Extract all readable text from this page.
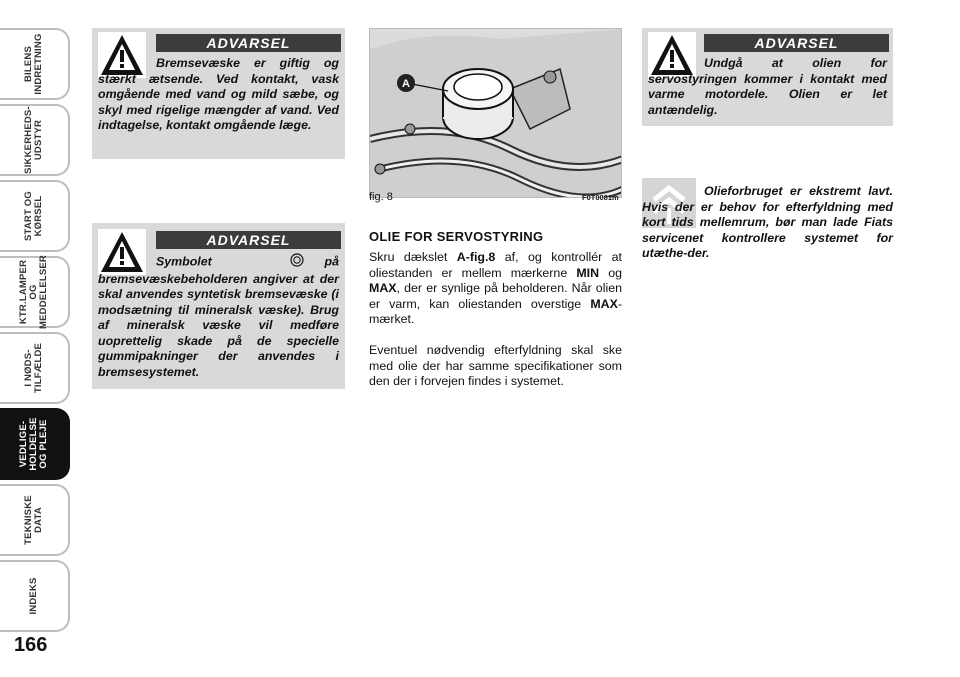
BILENS
INDRETNING
SIKKERHEDS-
UDSTYR
START OG
KØRSEL
KTR.LAMPER
OG
MEDDELELSER
I NØDS-
TILFÆLDE
VEDLIGE-
HOLDELSE
OG PLEJE
TEKNISKE
DATA
INDEKS
166
ADVARSEL
Bremsevæske er giftig og stærkt ætsende. Ved kontakt, vask omgående med vand og mild sæbe, og skyl med rigelige mængder af vand. Ved indtagelse, kontakt omgående læge.
ADVARSEL
Symbolet	på bremsevæskebeholderen angiver at der skal anvendes syntetisk bremsevæske (i modsætning til mineralsk væske). Brug af mineralsk væske vil medføre uoprettelig skade på de specielle gummipakninger der anvendes i bremsesystemet.
A
fig. 8	F0T0081m
OLIE FOR SERVOSTYRING
Skru dækslet A-fig.8 af, og kontrollér at oliestanden er mellem mærkerne MIN og MAX, der er synlige på beholderen. Når olien er varm, kan oliestanden overstige MAX-mærket.
Eventuel nødvendig efterfyldning skal ske med olie der har samme specifikationer som den der i forvejen findes i systemet.
ADVARSEL
Undgå at olien for servostyringen kommer i kontakt med varme motordele. Olien er let antændelig.
Olieforbruget er ekstremt lavt. Hvis der er behov for efterfyldning med kort tids mellemrum, bør man lade Fiats servicenet kontrollere systemet for utæthe-der.
